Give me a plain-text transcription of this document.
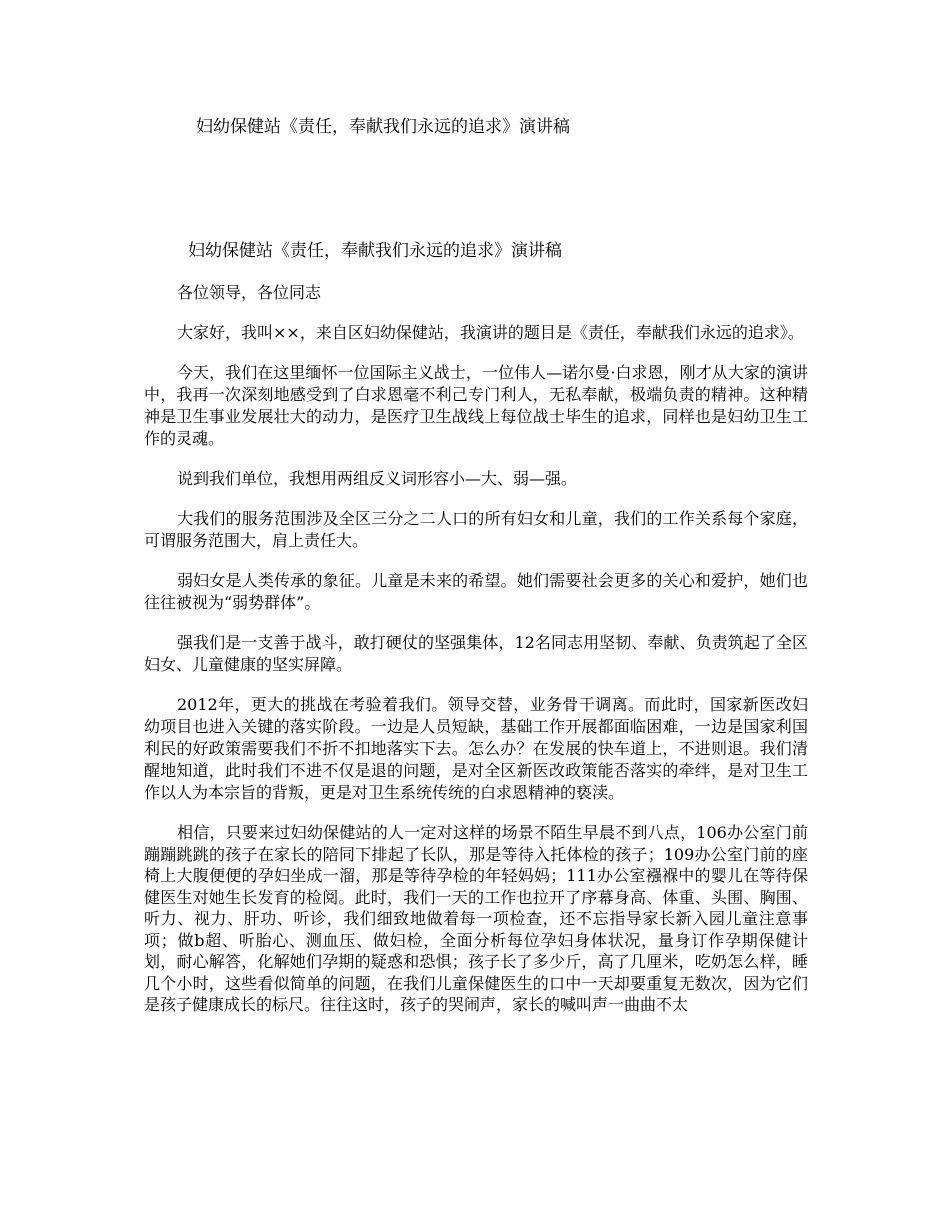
妇幼保健站《责任，奉献我们永远的追求》演讲稿
妇幼保健站《责任，奉献我们永远的追求》演讲稿

各位领导，各位同志

大家好，我叫××，来自区妇幼保健站，我演讲的题目是《责任，奉献我们永远的追求》。

今天，我们在这里缅怀一位国际主义战士，一位伟人—诺尔曼·白求恩，刚才从大家的演讲中，我再一次深刻地感受到了白求恩毫不利己专门利人，无私奉献，极端负责的精神。这种精神是卫生事业发展壮大的动力，是医疗卫生战线上每位战士毕生的追求，同样也是妇幼卫生工作的灵魂。

说到我们单位，我想用两组反义词形容小—大、弱—强。

大我们的服务范围涉及全区三分之二人口的所有妇女和儿童，我们的工作关系每个家庭，可谓服务范围大，肩上责任大。

弱妇女是人类传承的象征。儿童是未来的希望。她们需要社会更多的关心和爱护，她们也往往被视为“弱势群体”。

强我们是一支善于战斗，敢打硬仗的坚强集体，12名同志用坚韧、奉献、负责筑起了全区妇女、儿童健康的坚实屏障。

2012年，更大的挑战在考验着我们。领导交替，业务骨干调离。而此时，国家新医改妇幼项目也进入关键的落实阶段。一边是人员短缺，基础工作开展都面临困难，一边是国家利国利民的好政策需要我们不折不扣地落实下去。怎么办？在发展的快车道上，不进则退。我们清醒地知道，此时我们不进不仅是退的问题，是对全区新医改政策能否落实的牵绊，是对卫生工作以人为本宗旨的背叛，更是对卫生系统传统的白求恩精神的亵渎。

相信，只要来过妇幼保健站的人一定对这样的场景不陌生早晨不到八点，106办公室门前蹦蹦跳跳的孩子在家长的陪同下排起了长队，那是等待入托体检的孩子；109办公室门前的座椅上大腹便便的孕妇坐成一溜，那是等待孕检的年轻妈妈；111办公室襁褓中的婴儿在等待保健医生对她生长发育的检阅。此时，我们一天的工作也拉开了序幕身高、体重、头围、胸围、听力、视力、肝功、听诊，我们细致地做着每一项检查，还不忘指导家长新入园儿童注意事项；做b超、听胎心、测血压、做妇检，全面分析每位孕妇身体状况，量身订作孕期保健计划，耐心解答，化解她们孕期的疑惑和恐惧；孩子长了多少斤，高了几厘米，吃奶怎么样，睡几个小时，这些看似简单的问题，在我们儿童保健医生的口中一天却要重复无数次，因为它们是孩子健康成长的标尺。往往这时，孩子的哭闹声，家长的喊叫声一曲曲不太
